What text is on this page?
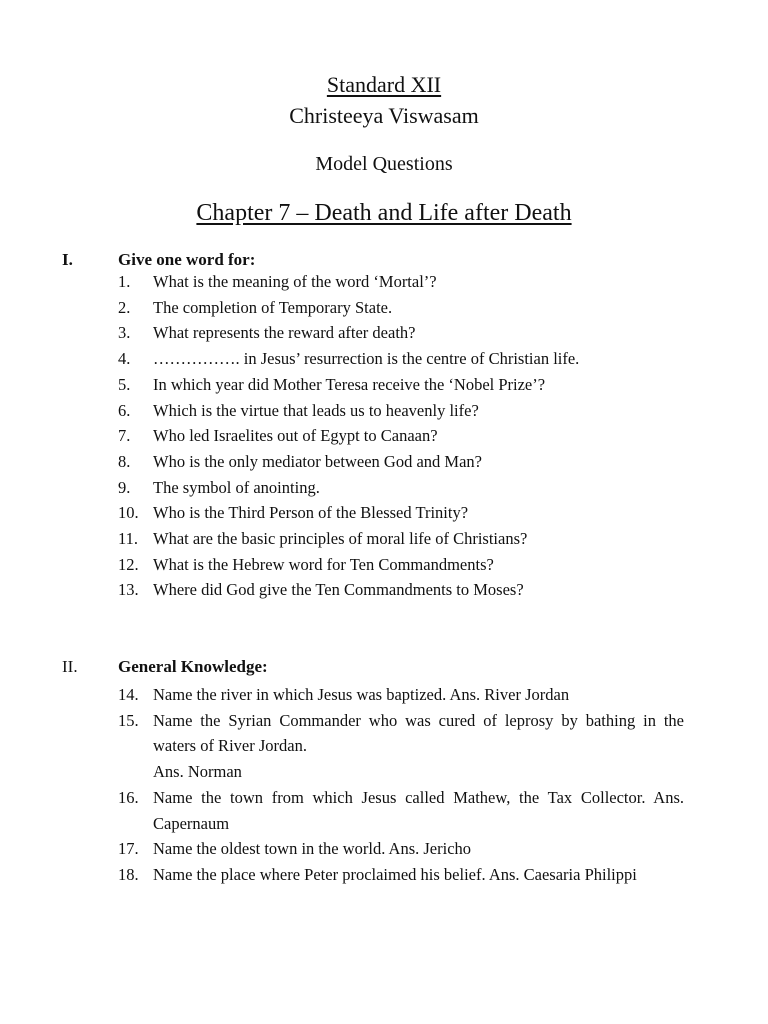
Standard XII
Christeeya Viswasam
Model Questions
Chapter 7 – Death and Life after Death
I.	Give one word for:
1. What is the meaning of the word ‘Mortal’?
2. The completion of Temporary State.
3. What represents the reward after death?
4. ……………. in Jesus’ resurrection is the centre of Christian life.
5. In which year did Mother Teresa receive the ‘Nobel Prize’?
6. Which is the virtue that leads us to heavenly life?
7. Who led Israelites out of Egypt to Canaan?
8. Who is the only mediator between God and Man?
9. The symbol of anointing.
10. Who is the Third Person of the Blessed Trinity?
11. What are the basic principles of moral life of Christians?
12. What is the Hebrew word for Ten Commandments?
13. Where did God give the Ten Commandments to Moses?
II. General Knowledge:
14. Name the river in which Jesus was baptized. Ans. River Jordan
15. Name the Syrian Commander who was cured of leprosy by bathing in the waters of River Jordan.
Ans. Norman
16. Name the town from which Jesus called Mathew, the Tax Collector. Ans. Capernaum
17. Name the oldest town in the world. Ans. Jericho
18. Name the place where Peter proclaimed his belief. Ans. Caesaria Philippi
